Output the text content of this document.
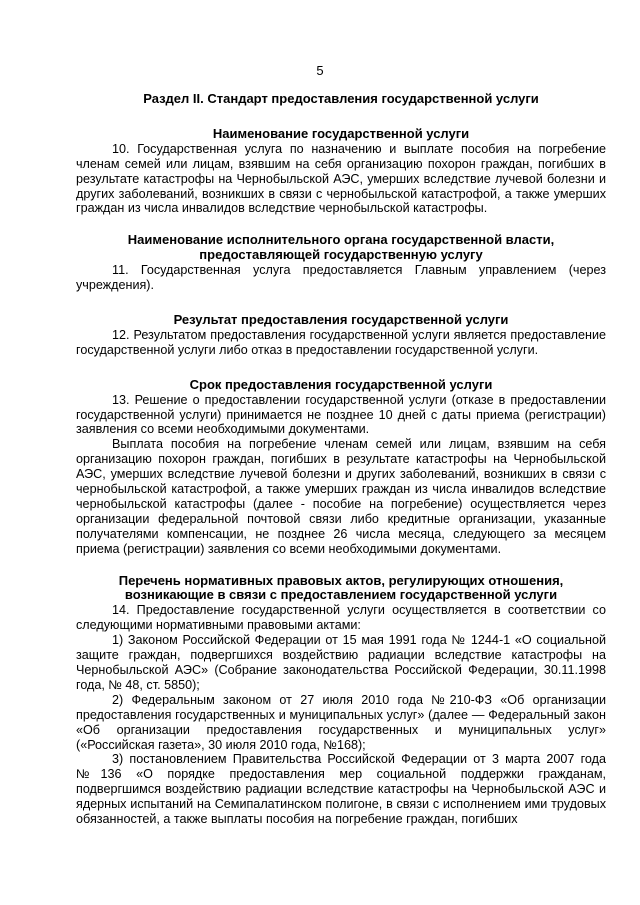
5
Раздел II. Стандарт предоставления государственной услуги
Наименование государственной услуги

10. Государственная услуга по назначению и выплате пособия на погребение членам семей или лицам, взявшим на себя организацию похорон граждан, погибших в результате катастрофы на Чернобыльской АЭС, умерших вследствие лучевой болезни и других заболеваний, возникших в связи с чернобыльской катастрофой, а также умерших граждан из числа инвалидов вследствие чернобыльской катастрофы.

Наименование исполнительного органа государственной власти, предоставляющей государственную услугу

11. Государственная услуга предоставляется Главным управлением (через учреждения).

Результат предоставления государственной услуги

12. Результатом предоставления государственной услуги является предоставление государственной услуги либо отказ в предоставлении государственной услуги.

Срок предоставления государственной услуги

13. Решение о предоставлении государственной услуги (отказе в предоставлении государственной услуги) принимается не позднее 10 дней с даты приема (регистрации) заявления со всеми необходимыми документами.

Выплата пособия на погребение членам семей или лицам, взявшим на себя организацию похорон граждан, погибших в результате катастрофы на Чернобыльской АЭС, умерших вследствие лучевой болезни и других заболеваний, возникших в связи с чернобыльской катастрофой, а также умерших граждан из числа инвалидов вследствие чернобыльской катастрофы (далее - пособие на погребение) осуществляется через организации федеральной почтовой связи либо кредитные организации, указанные получателями компенсации, не позднее 26 числа месяца, следующего за месяцем приема (регистрации) заявления со всеми необходимыми документами.

Перечень нормативных правовых актов, регулирующих отношения, возникающие в связи с предоставлением государственной услуги

14. Предоставление государственной услуги осуществляется в соответствии со следующими нормативными правовыми актами:

1) Законом Российской Федерации от 15 мая 1991 года № 1244-1 «О социальной защите граждан, подвергшихся воздействию радиации вследствие катастрофы на Чернобыльской АЭС» (Собрание законодательства Российской Федерации, 30.11.1998 года, № 48, ст. 5850);

2) Федеральным законом от 27 июля 2010 года №210-ФЗ «Об организации предоставления государственных и муниципальных услуг» (далее — Федеральный закон «Об организации предоставления государственных и муниципальных услуг» («Российская газета», 30 июля 2010 года, №168);

3) постановлением Правительства Российской Федерации от 3 марта 2007 года №136 «О порядке предоставления мер социальной поддержки гражданам, подвергшимся воздействию радиации вследствие катастрофы на Чернобыльской АЭС и ядерных испытаний на Семипалатинском полигоне, в связи с исполнением ими трудовых обязанностей, а также выплаты пособия на погребение граждан, погибших
